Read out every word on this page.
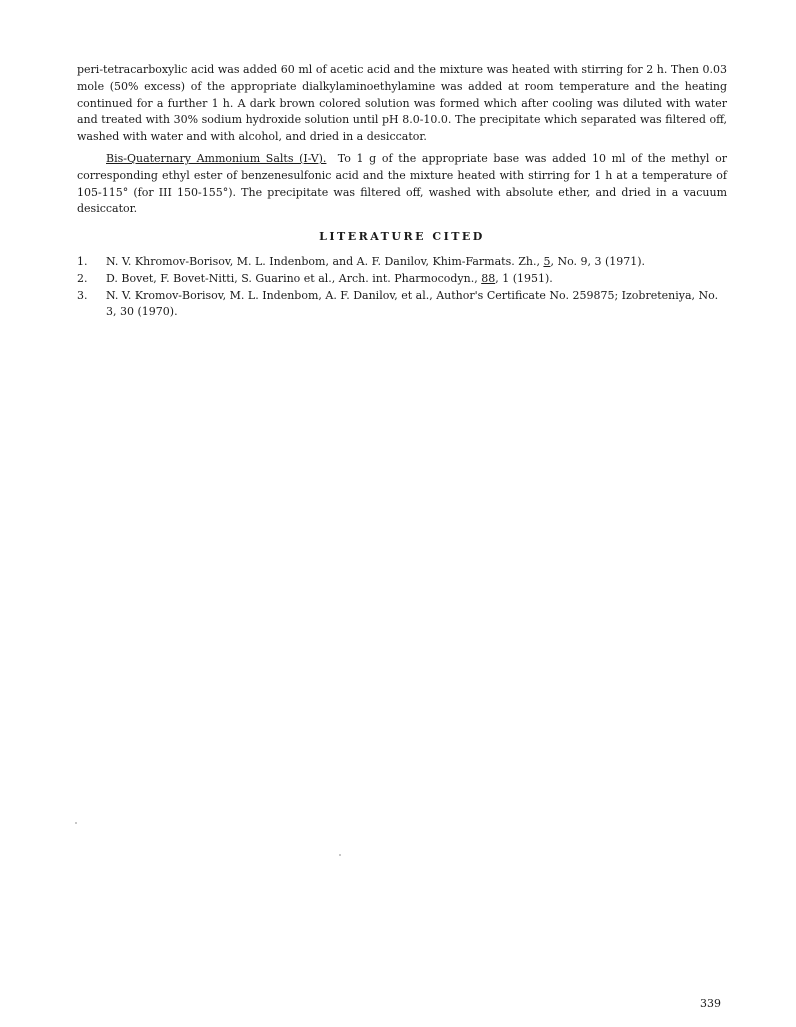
peri-tetracarboxylic acid was added 60 ml of acetic acid and the mixture was heated with stirring for 2 h. Then 0.03 mole (50% excess) of the appropriate dialkylaminoethylamine was added at room temperature and the heating continued for a further 1 h. A dark brown colored solution was formed which after cooling was diluted with water and treated with 30% sodium hydroxide solution until pH 8.0-10.0. The precipitate which separated was filtered off, washed with water and with alcohol, and dried in a desiccator.

Bis-Quaternary Ammonium Salts (I-V). To 1 g of the appropriate base was added 10 ml of the methyl or corresponding ethyl ester of benzenesulfonic acid and the mixture heated with stirring for 1 h at a temperature of 105-115° (for III 150-155°). The precipitate was filtered off, washed with absolute ether, and dried in a vacuum desiccator.

LITERATURE CITED
1. N. V. Khromov-Borisov, M. L. Indenbom, and A. F. Danilov, Khim-Farmats. Zh., 5, No. 9, 3 (1971).
2. D. Bovet, F. Bovet-Nitti, S. Guarino et al., Arch. int. Pharmocodyn., 88, 1 (1951).
3. N. V. Kromov-Borisov, M. L. Indenbom, A. F. Danilov, et al., Author's Certificate No. 259875; Izobreteniya, No. 3, 30 (1970).

339
